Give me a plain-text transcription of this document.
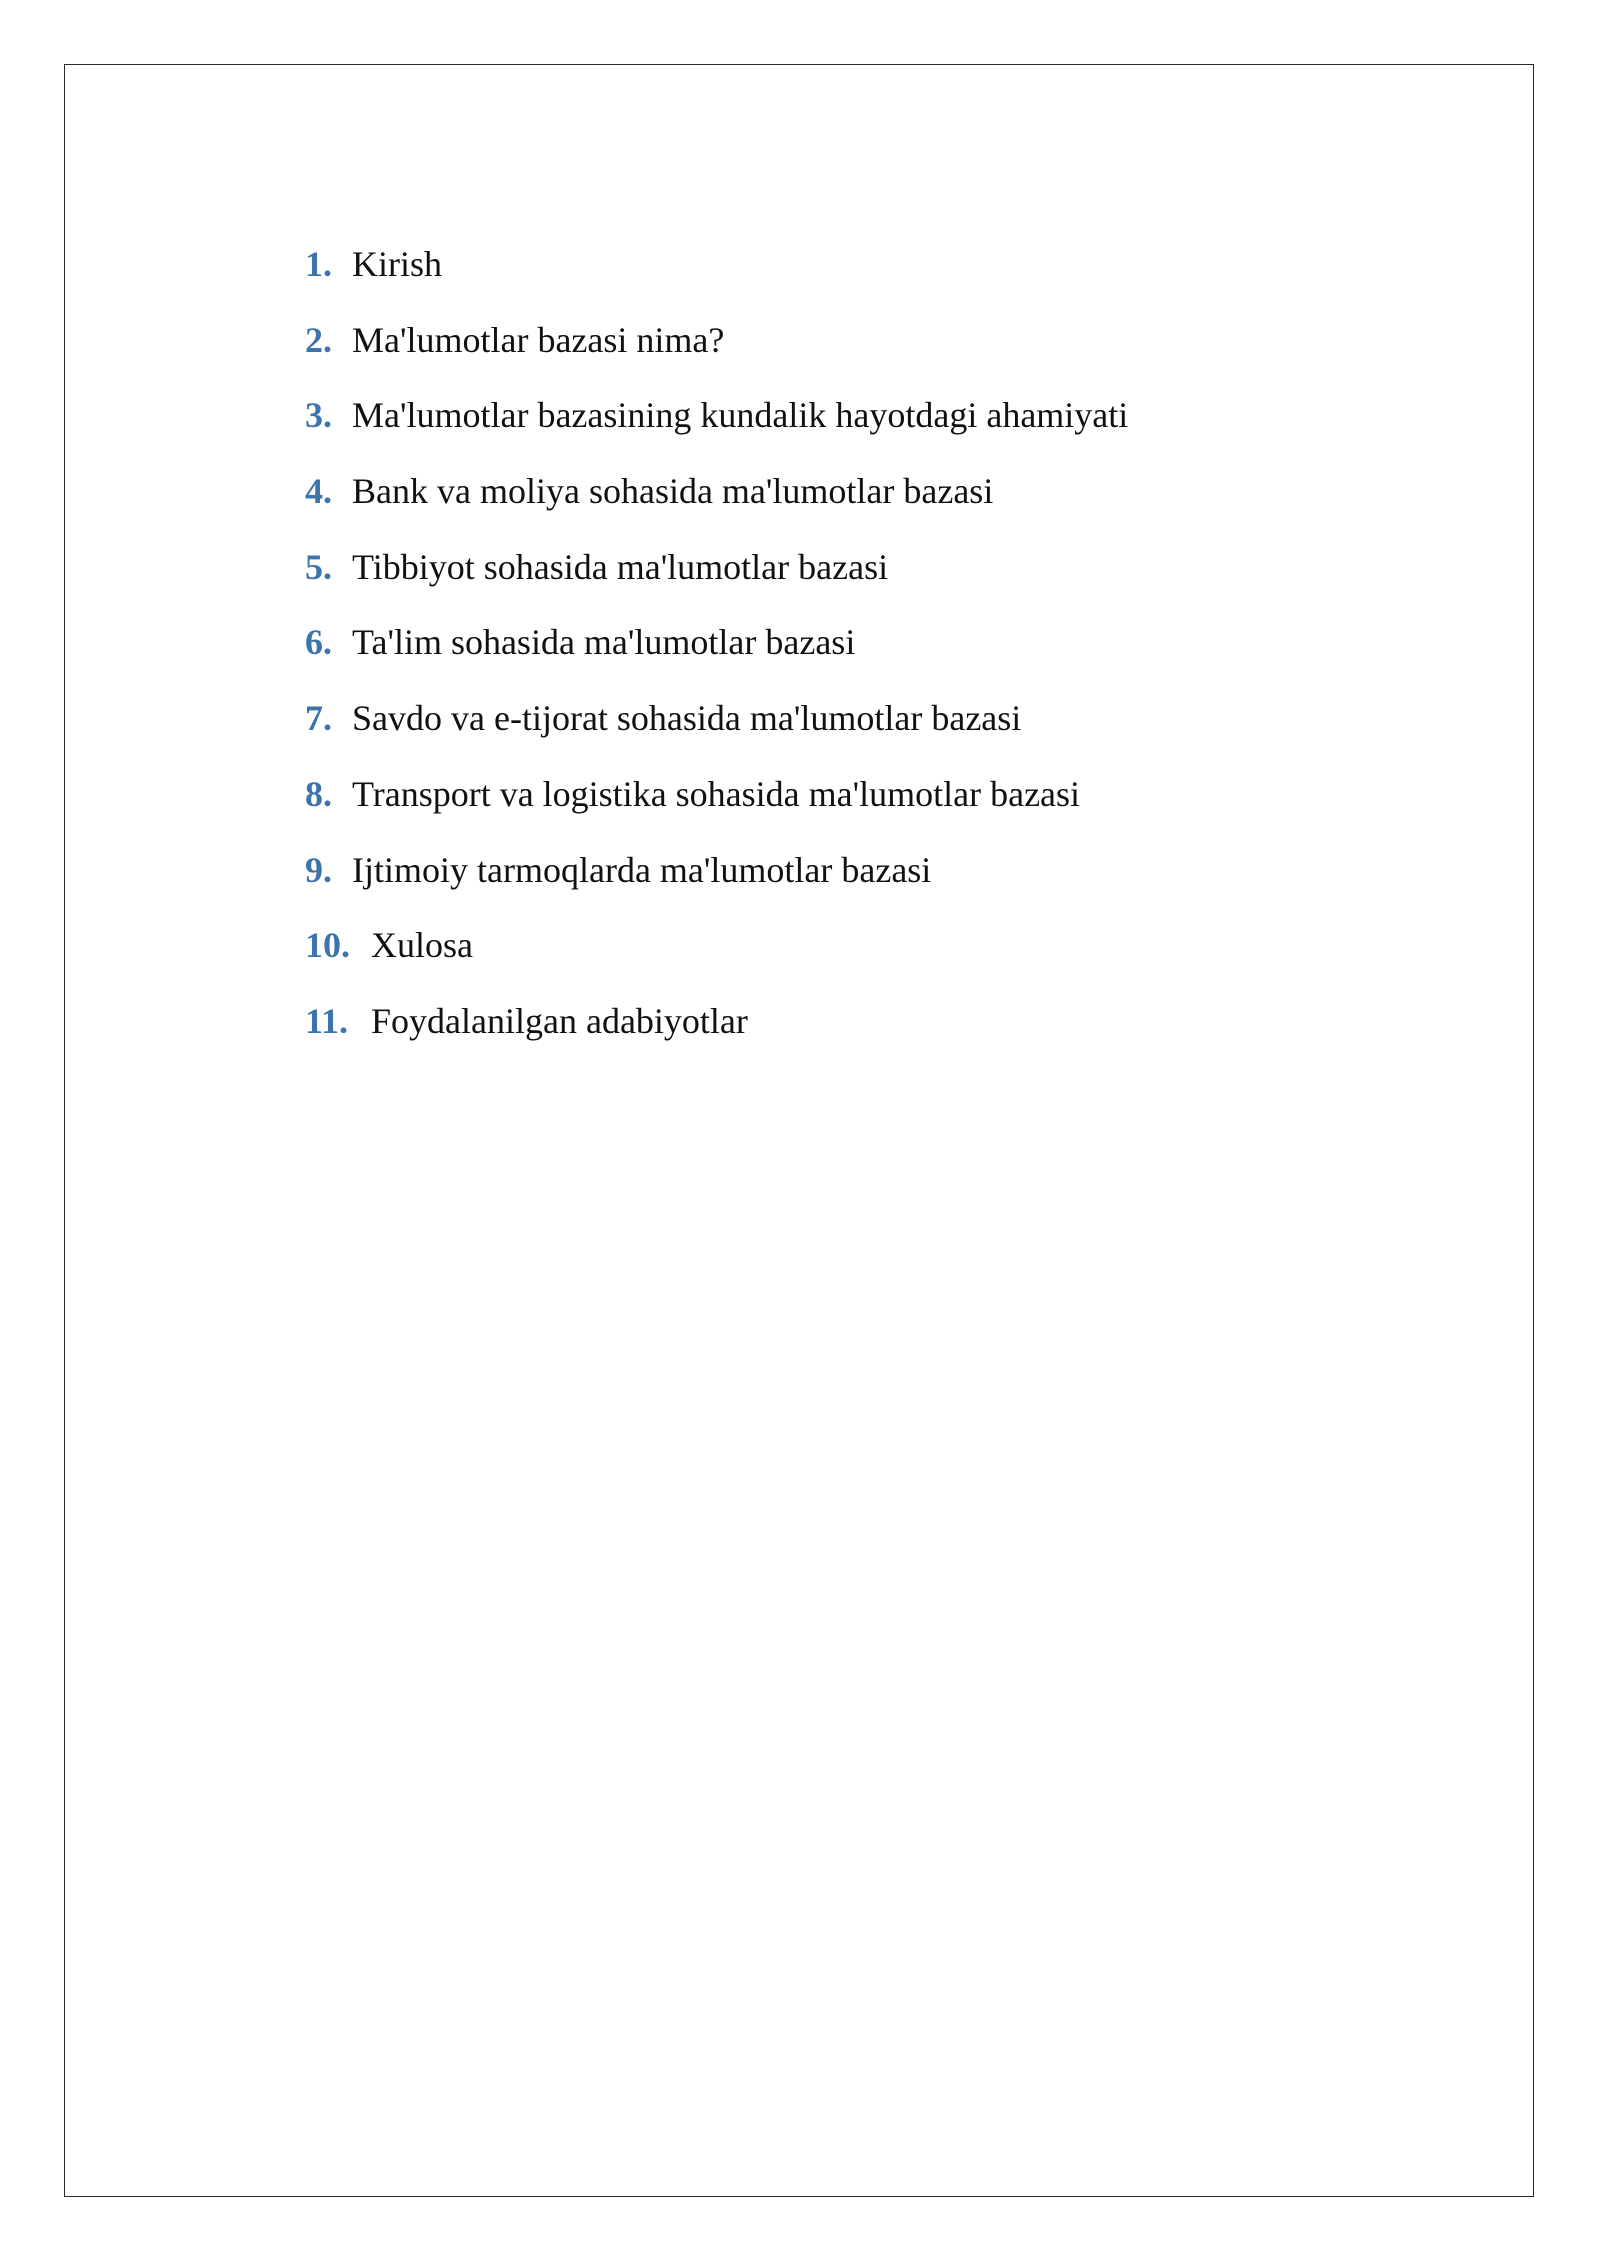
1. Kirish
2. Ma'lumotlar bazasi nima?
3. Ma'lumotlar bazasining kundalik hayotdagi ahamiyati
4. Bank va moliya sohasida ma'lumotlar bazasi
5. Tibbiyot sohasida ma'lumotlar bazasi
6. Ta'lim sohasida ma'lumotlar bazasi
7. Savdo va e-tijorat sohasida ma'lumotlar bazasi
8. Transport va logistika sohasida ma'lumotlar bazasi
9. Ijtimoiy tarmoqlarda ma'lumotlar bazasi
10. Xulosa
11. Foydalanilgan adabiyotlar
